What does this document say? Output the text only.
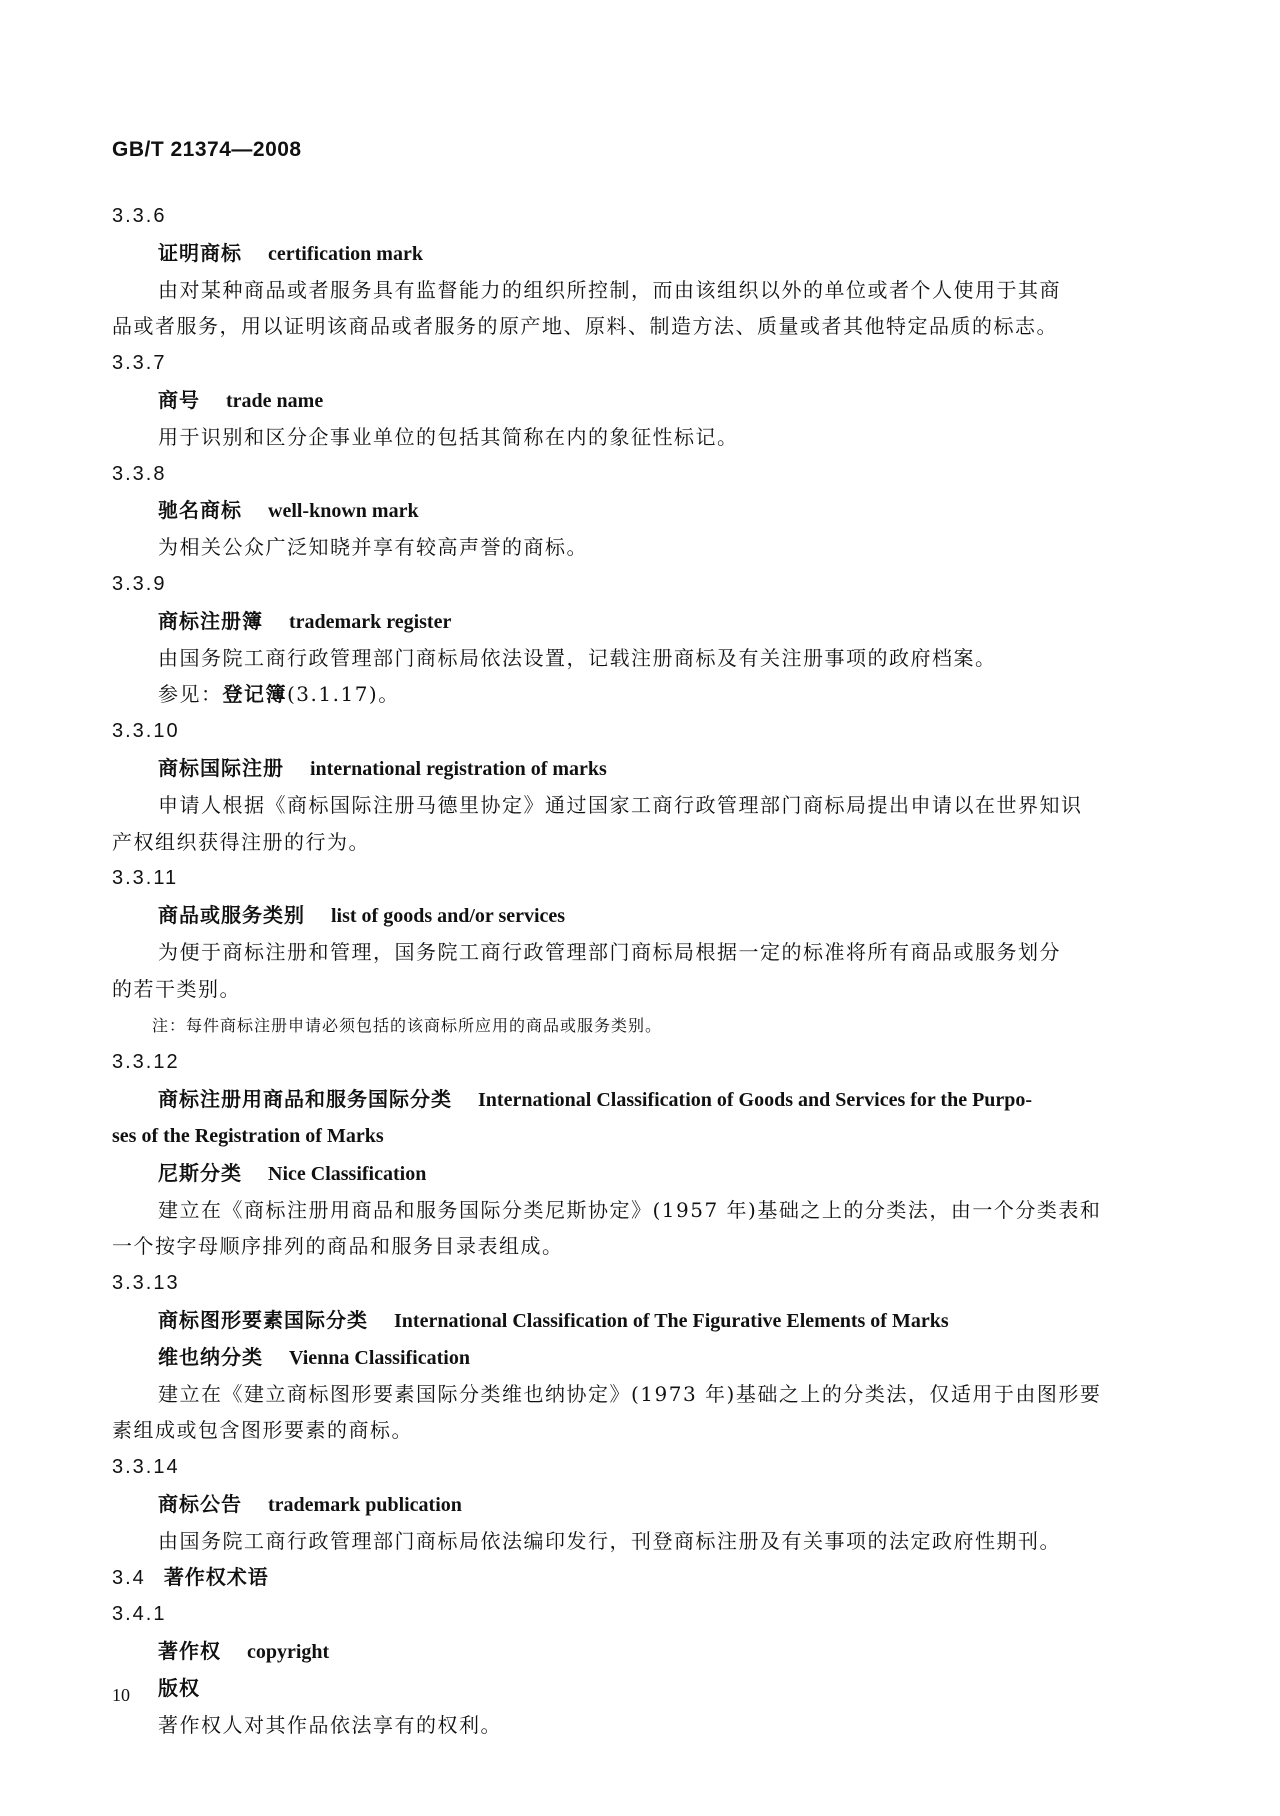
GB/T 21374—2008
3.3.6
证明商标 certification mark
由对某种商品或者服务具有监督能力的组织所控制，而由该组织以外的单位或者个人使用于其商
品或者服务，用以证明该商品或者服务的原产地、原料、制造方法、质量或者其他特定品质的标志。
3.3.7
商号 trade name
用于识别和区分企事业单位的包括其简称在内的象征性标记。
3.3.8
驰名商标 well-known mark
为相关公众广泛知晓并享有较高声誉的商标。
3.3.9
商标注册簿 trademark register
由国务院工商行政管理部门商标局依法设置，记载注册商标及有关注册事项的政府档案。
参见：登记簿(3.1.17)。
3.3.10
商标国际注册 international registration of marks
申请人根据《商标国际注册马德里协定》通过国家工商行政管理部门商标局提出申请以在世界知识
产权组织获得注册的行为。
3.3.11
商品或服务类别 list of goods and/or services
为便于商标注册和管理，国务院工商行政管理部门商标局根据一定的标准将所有商品或服务划分
的若干类别。
注：每件商标注册申请必须包括的该商标所应用的商品或服务类别。
3.3.12
商标注册用商品和服务国际分类 International Classification of Goods and Services for the Purpo-
ses of the Registration of Marks
尼斯分类 Nice Classification
建立在《商标注册用商品和服务国际分类尼斯协定》(1957 年)基础之上的分类法，由一个分类表和
一个按字母顺序排列的商品和服务目录表组成。
3.3.13
商标图形要素国际分类 International Classification of The Figurative Elements of Marks
维也纳分类 Vienna Classification
建立在《建立商标图形要素国际分类维也纳协定》(1973 年)基础之上的分类法，仅适用于由图形要
素组成或包含图形要素的商标。
3.3.14
商标公告 trademark publication
由国务院工商行政管理部门商标局依法编印发行，刊登商标注册及有关事项的法定政府性期刊。
3.4 著作权术语
3.4.1
著作权 copyright
版权
著作权人对其作品依法享有的权利。
10
